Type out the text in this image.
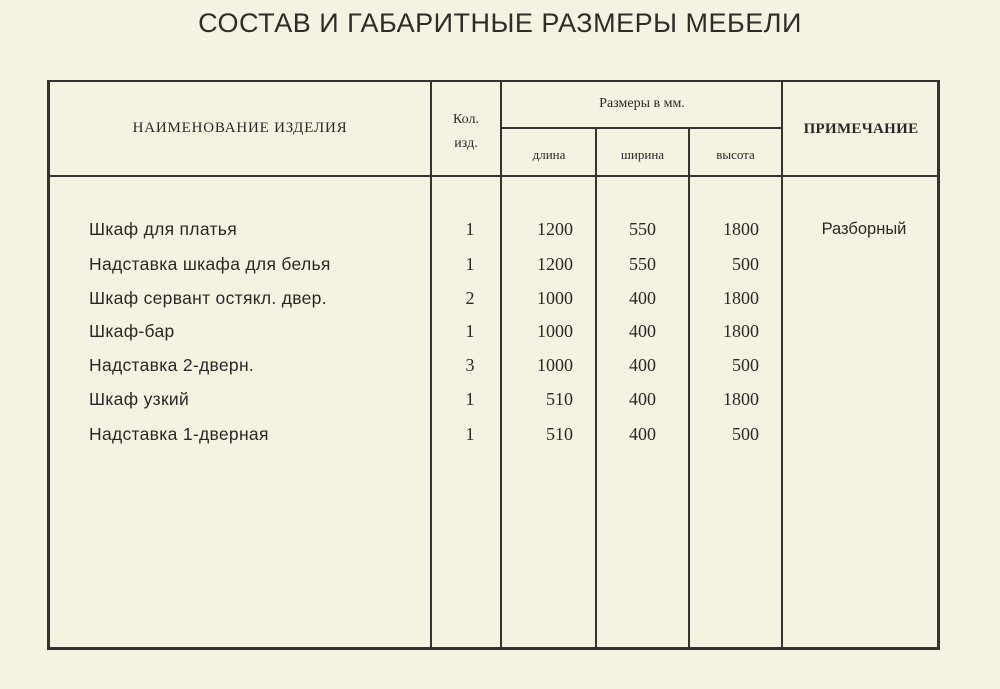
СОСТАВ И ГАБАРИТНЫЕ РАЗМЕРЫ МЕБЕЛИ
НАИМЕНОВАНИЕ ИЗДЕЛИЯ
Кол.
изд.
Размеры в мм.
длина	ширина	высота
ПРИМЕЧАНИЕ
Шкаф для платья	1	1200	550	1800	Разборный
Надставка шкафа для белья	1	1200	550	500
Шкаф сервант остякл. двер.	2	1000	400	1800
Шкаф-бар	1	1000	400	1800
Надставка 2-дверн.	3	1000	400	500
Шкаф узкий	1	510	400	1800
Надставка 1-дверная	1	510	400	500
